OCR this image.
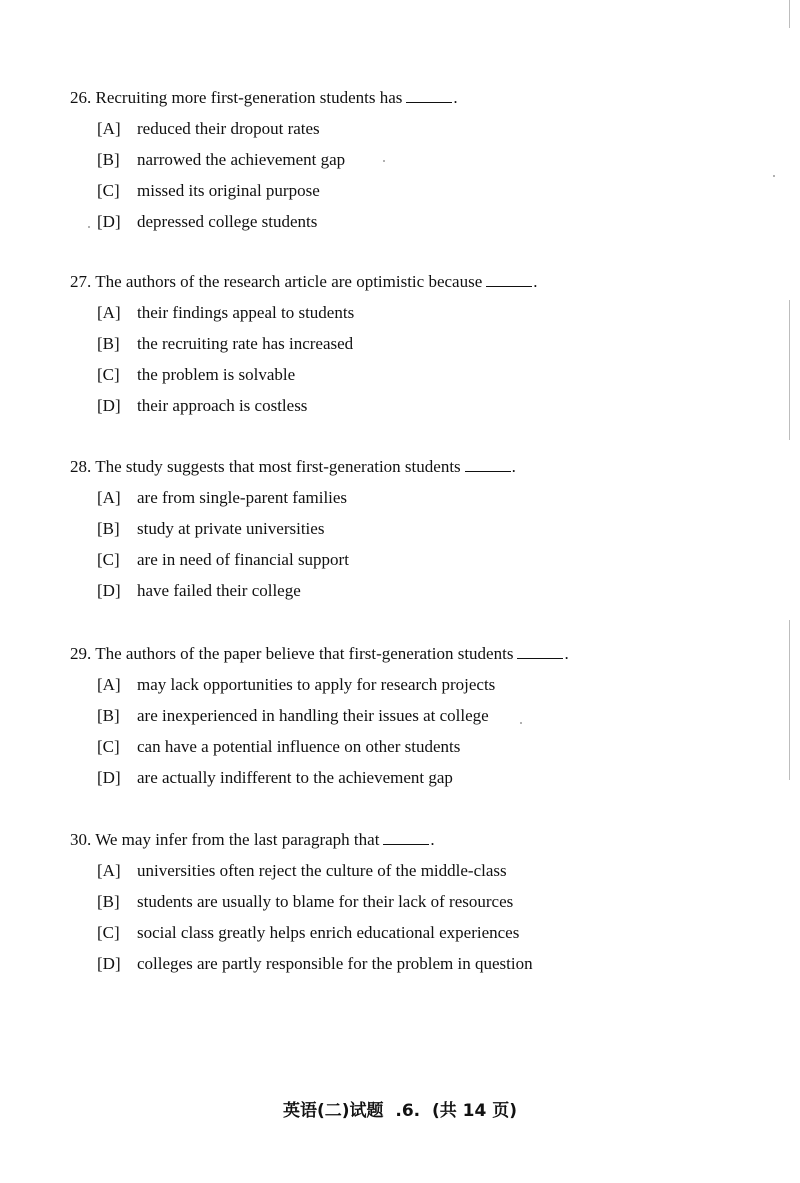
26. Recruiting more first-generation students has	.
[A] reduced their dropout rates
[B] narrowed the achievement gap
[C] missed its original purpose
[D] depressed college students
27. The authors of the research article are optimistic because	.
[A] their findings appeal to students
[B] the recruiting rate has increased
[C] the problem is solvable
[D] their approach is costless
28. The study suggests that most first-generation students	.
[A] are from single-parent families
[B] study at private universities
[C] are in need of financial support
[D] have failed their college
29. The authors of the paper believe that first-generation students	.
[A] may lack opportunities to apply for research projects
[B] are inexperienced in handling their issues at college
[C] can have a potential influence on other students
[D] are actually indifferent to the achievement gap
30. We may infer from the last paragraph that	.
[A] universities often reject the culture of the middle-class
[B] students are usually to blame for their lack of resources
[C] social class greatly helps enrich educational experiences
[D] colleges are partly responsible for the problem in question
英语(二)试题 .6. (共 14 页)
